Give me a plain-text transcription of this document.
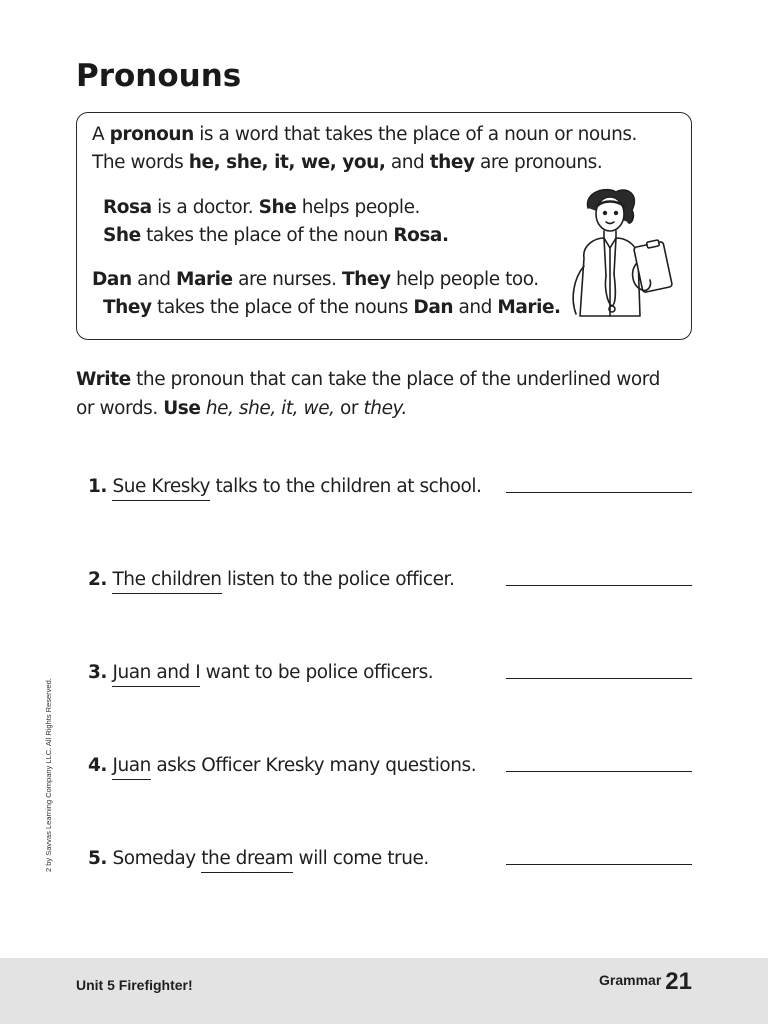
Pronouns

A pronoun is a word that takes the place of a noun or nouns.

The words he, she, it, we, you, and they are pronouns.

Rosa is a doctor. She helps people.

She takes the place of the noun Rosa.

Dan and Marie are nurses. They help people too.

They takes the place of the nouns Dan and Marie.

Write the pronoun that can take the place of the underlined word

or words. Use he, she, it, we, or they.

1. Sue Kresky talks to the children at school.
2. The children listen to the police officer.
3. Juan and I want to be police officers.
4. Juan asks Officer Kresky many questions.
5. Someday the dream will come true.
2 by Savvas Learning Company LLC. All Rights Reserved.
Unit 5 Firefighter!	Grammar 21
